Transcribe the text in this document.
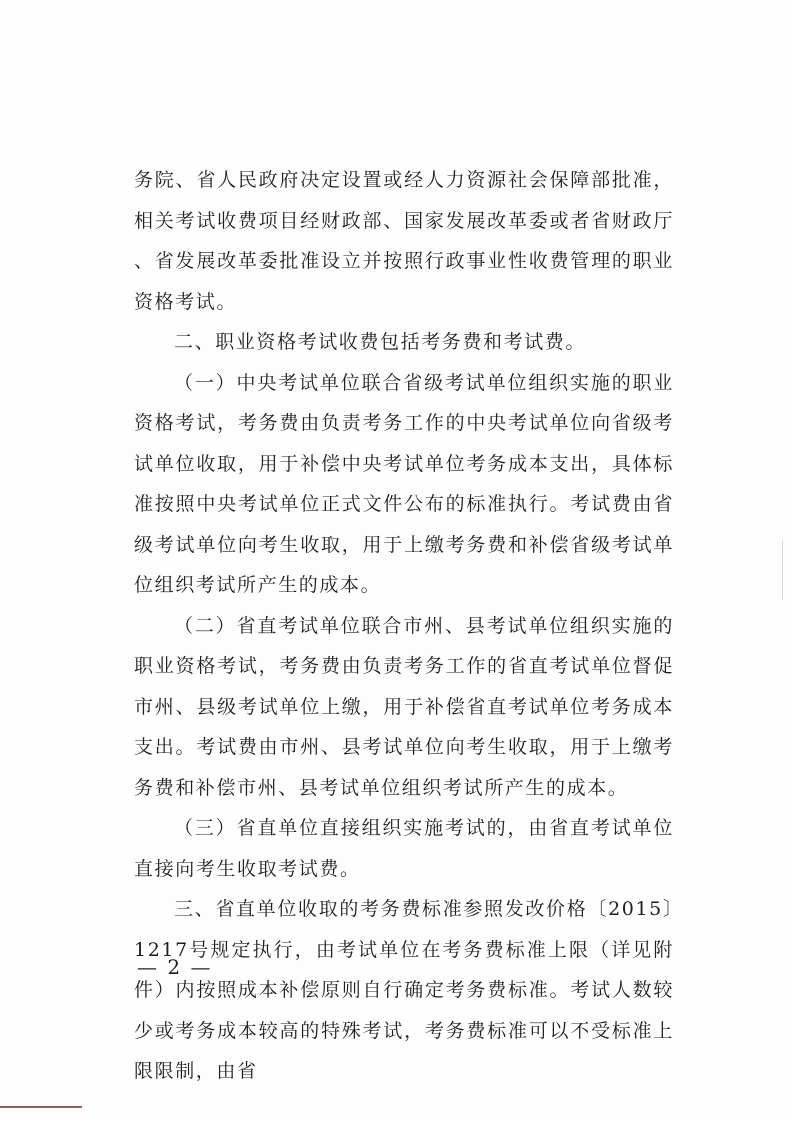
务院、省人民政府决定设置或经人力资源社会保障部批准，相关考试收费项目经财政部、国家发展改革委或者省财政厅、省发展改革委批准设立并按照行政事业性收费管理的职业资格考试。

二、职业资格考试收费包括考务费和考试费。

（一）中央考试单位联合省级考试单位组织实施的职业资格考试，考务费由负责考务工作的中央考试单位向省级考试单位收取，用于补偿中央考试单位考务成本支出，具体标准按照中央考试单位正式文件公布的标准执行。考试费由省级考试单位向考生收取，用于上缴考务费和补偿省级考试单位组织考试所产生的成本。

（二）省直考试单位联合市州、县考试单位组织实施的职业资格考试，考务费由负责考务工作的省直考试单位督促市州、县级考试单位上缴，用于补偿省直考试单位考务成本支出。考试费由市州、县考试单位向考生收取，用于上缴考务费和补偿市州、县考试单位组织考试所产生的成本。

（三）省直单位直接组织实施考试的，由省直考试单位直接向考生收取考试费。

三、省直单位收取的考务费标准参照发改价格〔2015〕1217号规定执行，由考试单位在考务费标准上限（详见附件）内按照成本补偿原则自行确定考务费标准。考试人数较少或考务成本较高的特殊考试，考务费标准可以不受标准上限限制，由省

— 2 —
